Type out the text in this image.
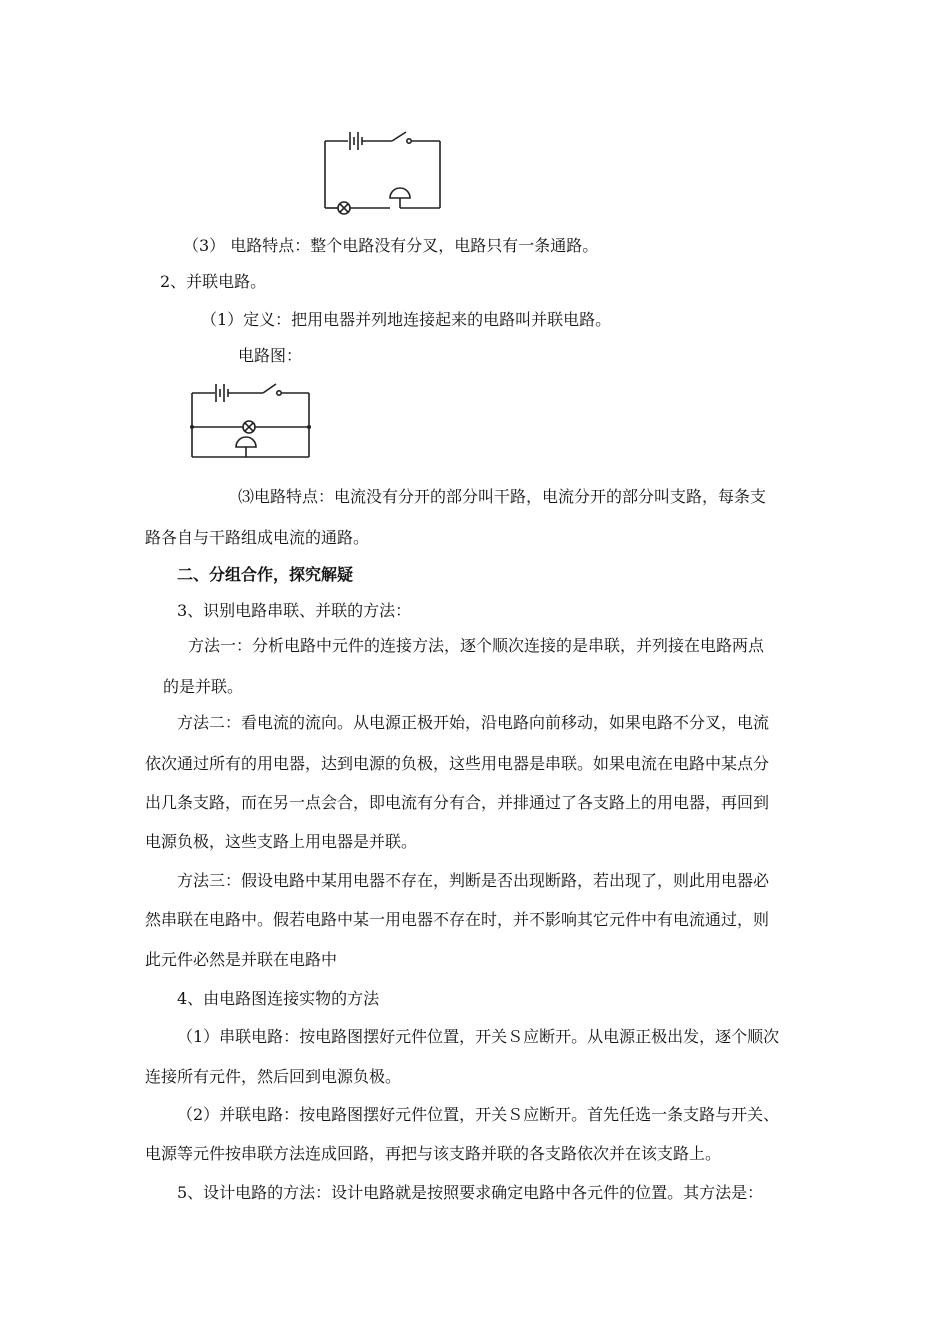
（3） 电路特点：整个电路没有分叉，电路只有一条通路。
2、并联电路。
（1）定义：把用电器并列地连接起来的电路叫并联电路。
电路图：
⑶电路特点：电流没有分开的部分叫干路，电流分开的部分叫支路，每条支
路各自与干路组成电流的通路。
二、分组合作，探究解疑
3、识别电路串联、并联的方法：
方法一：分析电路中元件的连接方法，逐个顺次连接的是串联，并列接在电路两点
的是并联。
方法二：看电流的流向。从电源正极开始，沿电路向前移动，如果电路不分叉，电流
依次通过所有的用电器，达到电源的负极，这些用电器是串联。如果电流在电路中某点分
出几条支路，而在另一点会合，即电流有分有合，并排通过了各支路上的用电器，再回到
电源负极，这些支路上用电器是并联。
方法三：假设电路中某用电器不存在，判断是否出现断路，若出现了，则此用电器必
然串联在电路中。假若电路中某一用电器不存在时，并不影响其它元件中有电流通过，则
此元件必然是并联在电路中
4、由电路图连接实物的方法
（1）串联电路：按电路图摆好元件位置，开关Ｓ应断开。从电源正极出发，逐个顺次
连接所有元件，然后回到电源负极。
（2）并联电路：按电路图摆好元件位置，开关Ｓ应断开。首先任选一条支路与开关、
电源等元件按串联方法连成回路，再把与该支路并联的各支路依次并在该支路上。
5、设计电路的方法：设计电路就是按照要求确定电路中各元件的位置。其方法是：
